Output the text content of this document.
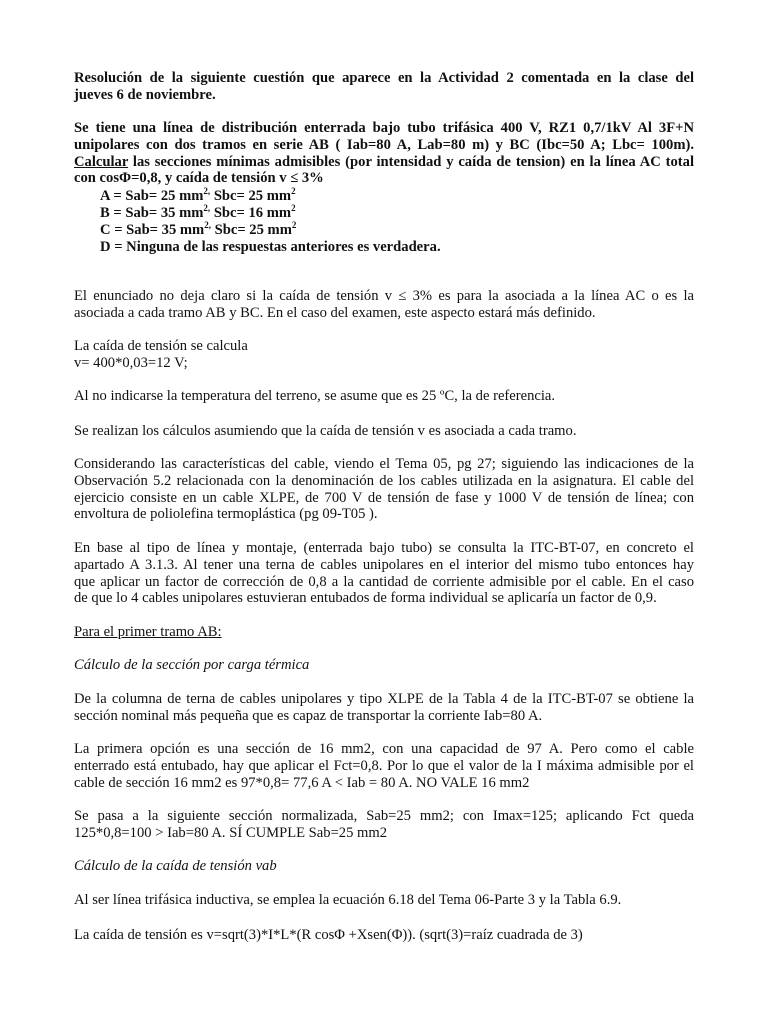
Resolución de la siguiente cuestión que aparece en la Actividad 2 comentada en la clase del
jueves 6 de noviembre.

Se tiene una línea de distribución enterrada bajo tubo trifásica 400 V, RZ1 0,7/1kV Al 3F+N
unipolares con dos tramos en serie AB ( Iab=80 A, Lab=80 m) y BC (Ibc=50 A; Lbc= 100m).
Calcular las secciones mínimas admisibles (por intensidad y caída de tension) en la línea AC total
con cosΦ=0,8, y caída de tensión v ≤ 3%

A = Sab= 25 $mm^{2,}$ Sbc= 25 $mm^2$

B = Sab= 35 $mm^{2,}$ Sbc= 16 $mm^2$

C = Sab= 35 $mm^{2,}$ Sbc= 25 $mm^2$

D = Ninguna de las respuestas anteriores es verdadera.

El enunciado no deja claro si la caída de tensión v ≤ 3% es para la asociada a la línea AC o es la
asociada a cada tramo AB y BC. En el caso del examen, este aspecto estará más definido.

La caída de tensión se calcula
v= 400*0,03=12 V;

Al no indicarse la temperatura del terreno, se asume que es 25 ºC, la de referencia.

Se realizan los cálculos asumiendo que la caída de tensión v es asociada a cada tramo.

Considerando las características del cable, viendo el Tema 05, pg 27; siguiendo las indicaciones de la
Observación 5.2 relacionada con la denominación de los cables utilizada en la asignatura. El cable del
ejercicio consiste en un cable XLPE, de 700 V de tensión de fase y 1000 V de tensión de línea; con
envoltura de poliolefina termoplástica (pg 09-T05 ).

En base al tipo de línea y montaje, (enterrada bajo tubo) se consulta la ITC-BT-07, en concreto el
apartado A 3.1.3. Al tener una terna de cables unipolares en el interior del mismo tubo entonces hay
que aplicar un factor de corrección de 0,8 a la cantidad de corriente admisible por el cable. En el caso
de que lo 4 cables unipolares estuvieran entubados de forma individual se aplicaría un factor de 0,9.

Para el primer tramo AB:

Cálculo de la sección por carga térmica

De la columna de terna de cables unipolares y tipo XLPE de la Tabla 4 de la ITC-BT-07 se obtiene la
sección nominal más pequeña que es capaz de transportar la corriente Iab=80 A.

La primera opción es una sección de 16 mm2, con una capacidad de 97 A. Pero como el cable
enterrado está entubado, hay que aplicar el Fct=0,8. Por lo que el valor de la I máxima admisible por el
cable de sección 16 mm2 es 97*0,8= 77,6 A < Iab = 80 A. NO VALE 16 mm2

Se pasa a la siguiente sección normalizada, Sab=25 mm2; con Imax=125; aplicando Fct queda
125*0,8=100 > Iab=80 A. SÍ CUMPLE Sab=25 mm2

Cálculo de la caída de tensión vab

Al ser línea trifásica inductiva, se emplea la ecuación 6.18 del Tema 06-Parte 3 y la Tabla 6.9.

La caída de tensión es v=sqrt(3)*I*L*(R cosΦ +Xsen(Φ)). (sqrt(3)=raíz cuadrada de 3)
